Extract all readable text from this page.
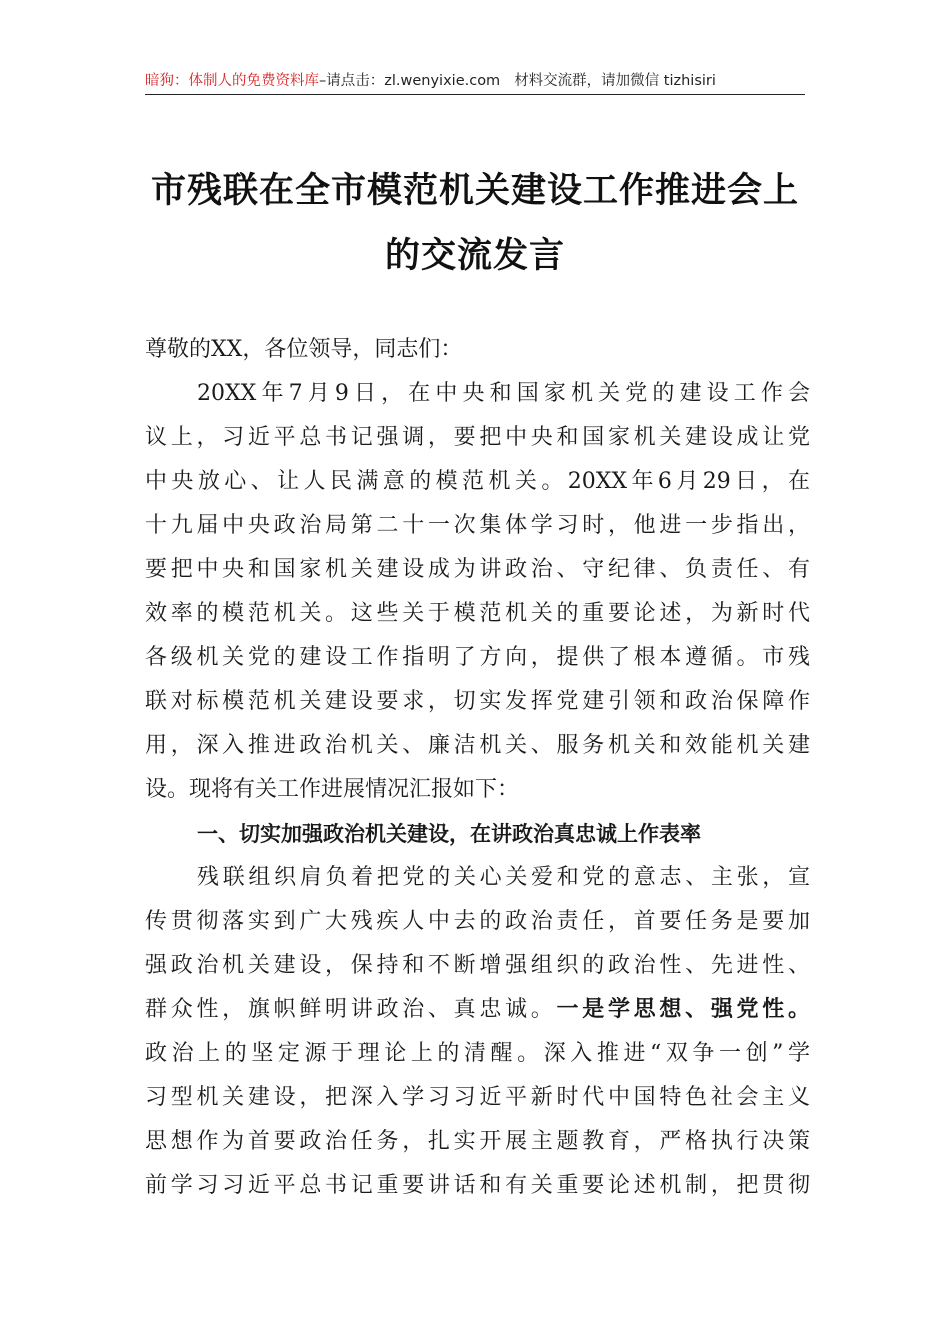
暗狗：体制人的免费资料库–请点击：zl.wenyixie.com 材料交流群，请加微信 tizhisiri
市残联在全市模范机关建设工作推进会上
的交流发言
尊敬的XX，各位领导，同志们：
20XX年7月9日，在中央和国家机关党的建设工作会
议上，习近平总书记强调，要把中央和国家机关建设成让党
中央放心、让人民满意的模范机关。20XX年6月29日，在
十九届中央政治局第二十一次集体学习时，他进一步指出，
要把中央和国家机关建设成为讲政治、守纪律、负责任、有
效率的模范机关。这些关于模范机关的重要论述，为新时代
各级机关党的建设工作指明了方向，提供了根本遵循。市残
联对标模范机关建设要求，切实发挥党建引领和政治保障作
用，深入推进政治机关、廉洁机关、服务机关和效能机关建
设。现将有关工作进展情况汇报如下：
一、切实加强政治机关建设，在讲政治真忠诚上作表率
残联组织肩负着把党的关心关爱和党的意志、主张，宣
传贯彻落实到广大残疾人中去的政治责任，首要任务是要加
强政治机关建设，保持和不断增强组织的政治性、先进性、
群众性，旗帜鲜明讲政治、真忠诚。一是学思想、强党性。
政治上的坚定源于理论上的清醒。深入推进“双争一创”学
习型机关建设，把深入学习习近平新时代中国特色社会主义
思想作为首要政治任务，扎实开展主题教育，严格执行决策
前学习习近平总书记重要讲话和有关重要论述机制，把贯彻
